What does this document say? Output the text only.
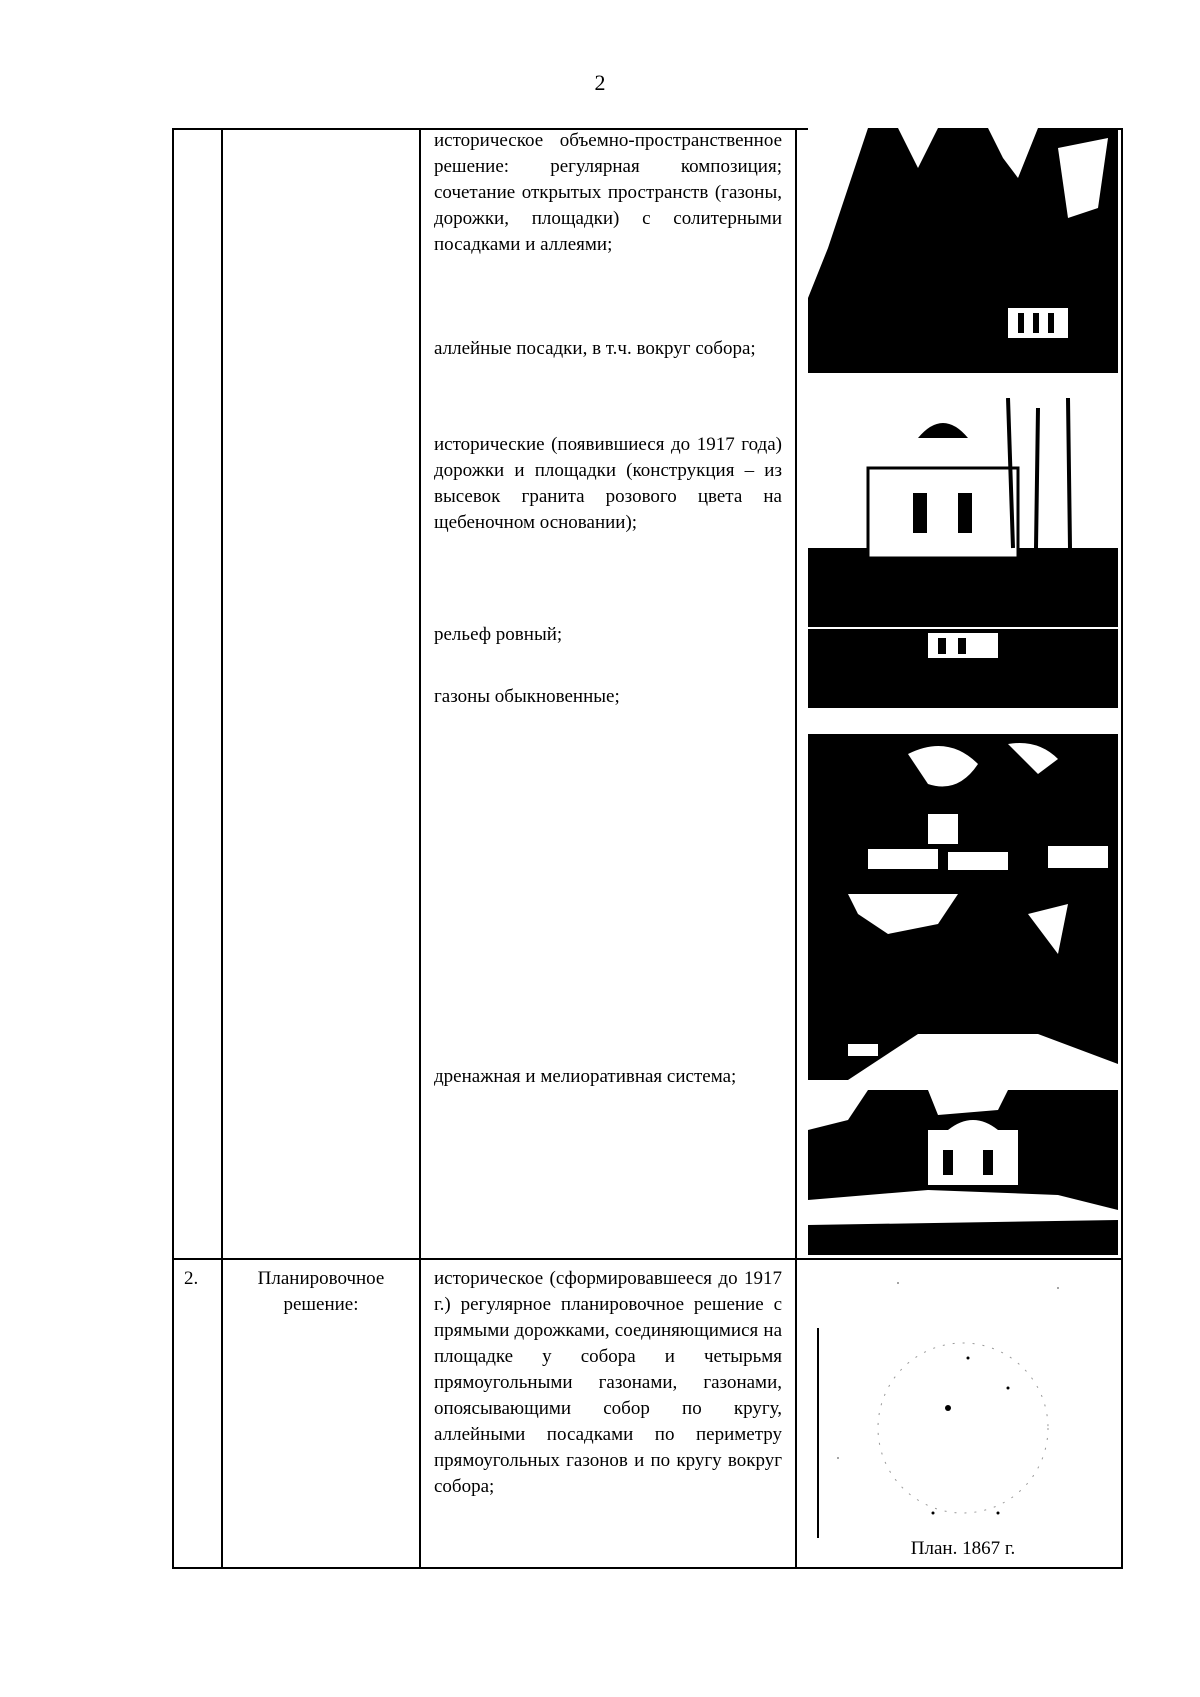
2
историческое объемно-пространственное решение: регулярная композиция; сочетание открытых пространств (газоны, дорожки, площадки) с солитерными посадками и аллеями;
аллейные посадки, в т.ч. вокруг собора;
исторические (появившиеся до 1917 года) дорожки и площадки (конструкция – из высевок гранита розового цвета на щебеночном основании);
рельеф ровный;
газоны обыкновенные;
дренажная и мелиоративная система;
2.	Планировочное
решение:
историческое (сформировавшееся до 1917 г.) регулярное планировочное решение с прямыми дорожками, соединяющимися на площадке у собора и четырьмя прямоугольными газонами, газонами, опоясывающими собор по кругу, аллейными посадками по периметру прямоугольных газонов и по кругу вокруг собора;
План. 1867 г.
